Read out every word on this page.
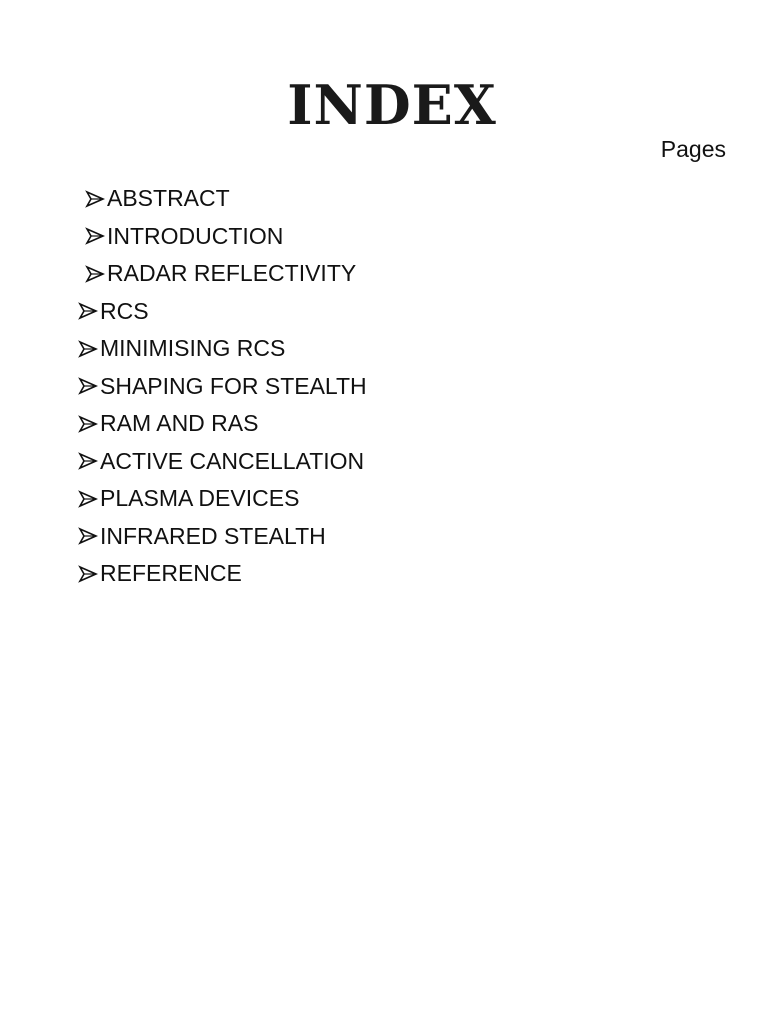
INDEX
Pages
ABSTRACT
INTRODUCTION
RADAR REFLECTIVITY
RCS
MINIMISING RCS
SHAPING FOR STEALTH
RAM AND RAS
ACTIVE CANCELLATION
PLASMA DEVICES
INFRARED STEALTH
REFERENCE
